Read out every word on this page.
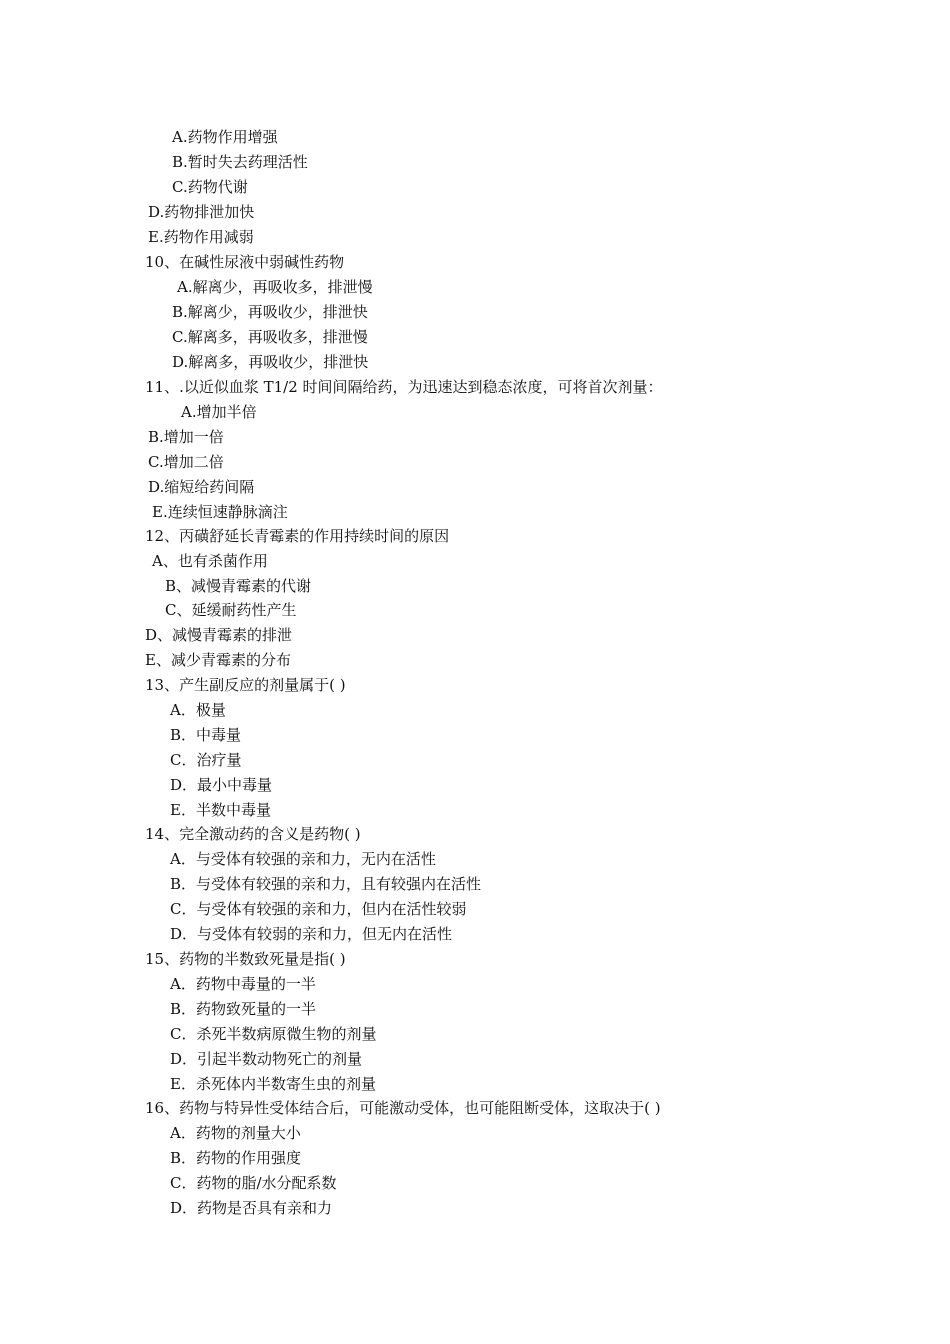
A.药物作用增强
B.暂时失去药理活性
C.药物代谢
D.药物排泄加快
E.药物作用减弱
10、在碱性尿液中弱碱性药物
A.解离少，再吸收多，排泄慢
B.解离少，再吸收少，排泄快
C.解离多，再吸收多，排泄慢
D.解离多，再吸收少，排泄快
11、.以近似血浆 T1/2 时间间隔给药，为迅速达到稳态浓度，可将首次剂量：
A.增加半倍
B.增加一倍
C.增加二倍
D.缩短给药间隔
E.连续恒速静脉滴注
12、丙磺舒延长青霉素的作用持续时间的原因
A、也有杀菌作用
B、减慢青霉素的代谢
C、延缓耐药性产生
D、减慢青霉素的排泄
E、减少青霉素的分布
13、产生副反应的剂量属于( )
A．极量
B．中毒量
C．治疗量
D．最小中毒量
E．半数中毒量
14、完全激动药的含义是药物( )
A．与受体有较强的亲和力，无内在活性
B．与受体有较强的亲和力，且有较强内在活性
C．与受体有较强的亲和力，但内在活性较弱
D．与受体有较弱的亲和力，但无内在活性
15、药物的半数致死量是指( )
A．药物中毒量的一半
B．药物致死量的一半
C．杀死半数病原微生物的剂量
D．引起半数动物死亡的剂量
E．杀死体内半数寄生虫的剂量
16、药物与特异性受体结合后，可能激动受体，也可能阻断受体，这取决于( )
A．药物的剂量大小
B．药物的作用强度
C．药物的脂/水分配系数
D．药物是否具有亲和力
